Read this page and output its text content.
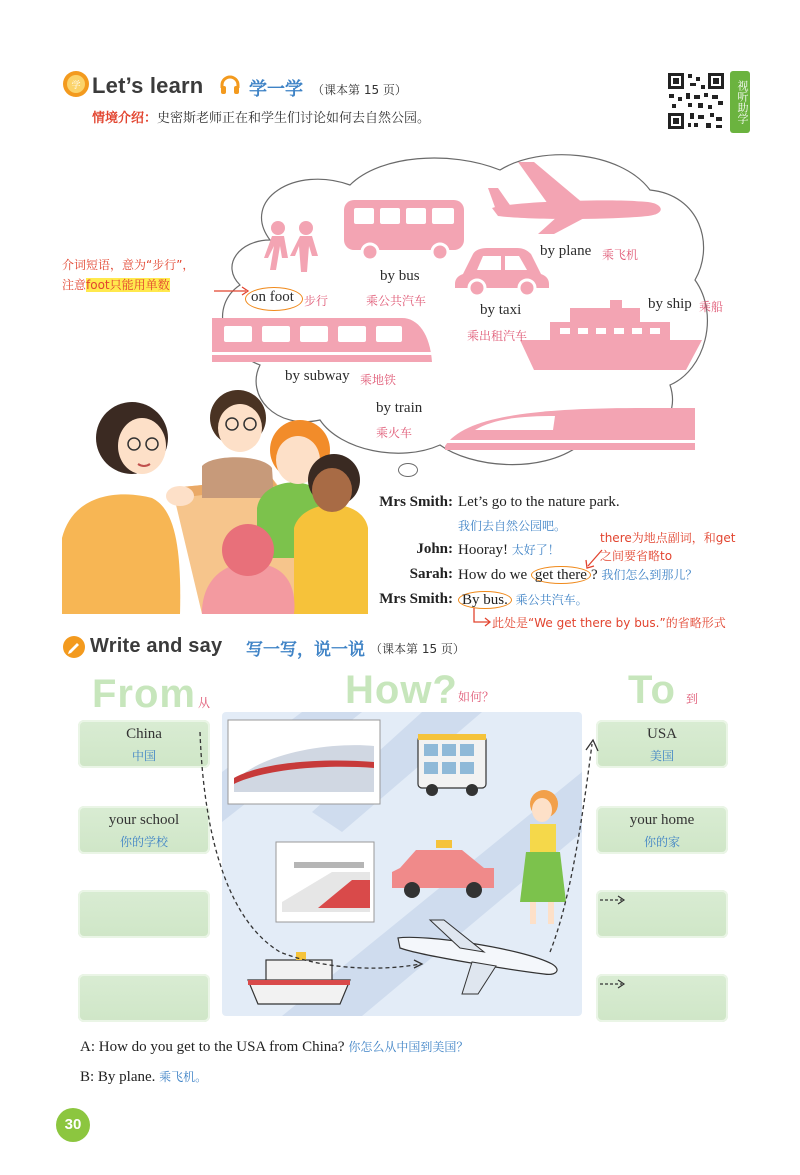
学 Let’s learn	学一学 （课本第 15 页）
情境介绍：史密斯老师正在和学生们讨论如何去自然公园。	视听助学
on foot 步行
by bus
乘公共汽车
by plane 乘飞机
by taxi
乘出租汽车
by ship 乘船
by subway 乘地铁
by train
乘火车
介词短语，意为“步行”，
注意foot只能用单数
Mrs Smith: Let’s go to the nature park.
我们去自然公园吧。
John: Hooray! 太好了！
Sarah: How do we get there ? 我们怎么到那儿？
Mrs Smith: By bus. 乘公共汽车。
there为地点副词，和get
之间要省略to
此处是“We get there by bus.”的省略形式
Write and say 写一写，说一说 （课本第 15 页）
From 从	How? 如何？	To 到
China
中国
your school
你的学校
USA
美国
your home
你的家
A: How do you get to the USA from China? 你怎么从中国到美国？
B: By plane. 乘飞机。
30
